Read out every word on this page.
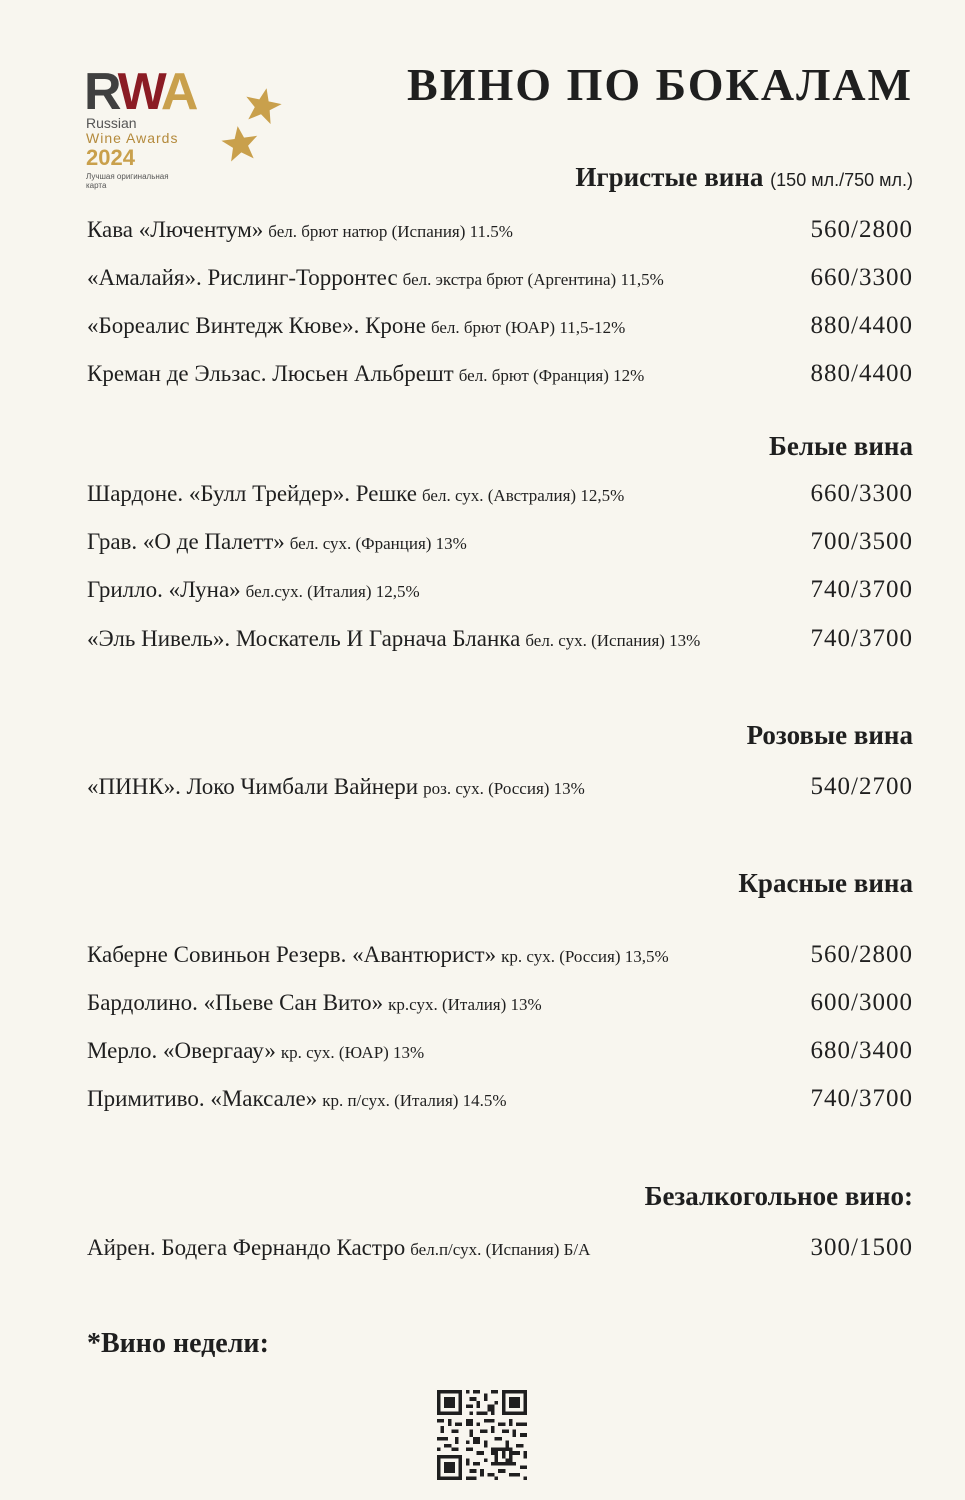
RWA
Russian
Wine Awards
2024
Лучшая оригинальная карта
ВИНО ПО БОКАЛАМ
Игристые вина (150 мл./750 мл.)
Кава «Лючентум» бел. брют натюр (Испания) 11.5%	560/2800
«Амалайя». Рислинг-Торронтес бел. экстра брют (Аргентина) 11,5%	660/3300
«Бореалис Винтедж Кюве». Кроне бел. брют (ЮАР) 11,5-12%	880/4400
Креман де Эльзас. Люсьен Альбрешт бел. брют (Франция) 12%	880/4400
Белые вина
Шардоне. «Булл Трейдер». Решке бел. сух. (Австралия) 12,5%	660/3300
Грав. «О де Палетт» бел. сух. (Франция) 13%	700/3500
Грилло. «Луна» бел.сух. (Италия) 12,5%	740/3700
«Эль Нивель». Москатель И Гарнача Бланка бел. сух. (Испания) 13%	740/3700
Розовые вина
«ПИНК». Локо Чимбали Вайнери роз. сух. (Россия) 13%	540/2700
Красные вина
Каберне Совиньон Резерв. «Авантюрист» кр. сух. (Россия) 13,5%	560/2800
Бардолино. «Пьеве Сан Вито» кр.сух. (Италия) 13%	600/3000
Мерло. «Овергаау» кр. сух. (ЮАР) 13%	680/3400
Примитиво. «Максале» кр. п/сух. (Италия) 14.5%	740/3700
Безалкогольное вино:
Айрен. Бодега Фернандо Кастро бел.п/сух. (Испания) Б/А	300/1500
*Вино недели:
